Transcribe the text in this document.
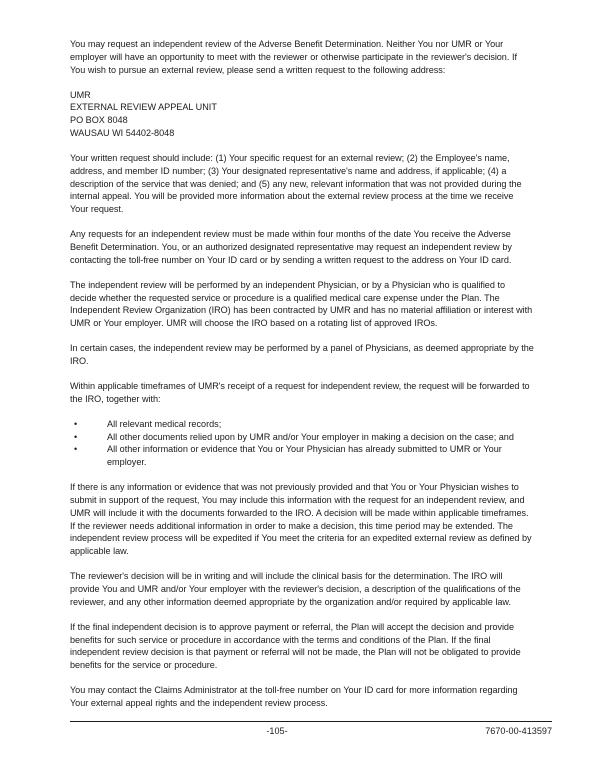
You may request an independent review of the Adverse Benefit Determination. Neither You nor UMR or Your employer will have an opportunity to meet with the reviewer or otherwise participate in the reviewer's decision. If You wish to pursue an external review, please send a written request to the following address:

UMR
EXTERNAL REVIEW APPEAL UNIT
PO BOX 8048
WAUSAU WI 54402-8048

Your written request should include: (1) Your specific request for an external review; (2) the Employee's name, address, and member ID number; (3) Your designated representative's name and address, if applicable; (4) a description of the service that was denied; and (5) any new, relevant information that was not provided during the internal appeal. You will be provided more information about the external review process at the time we receive Your request.

Any requests for an independent review must be made within four months of the date You receive the Adverse Benefit Determination. You, or an authorized designated representative may request an independent review by contacting the toll-free number on Your ID card or by sending a written request to the address on Your ID card.

The independent review will be performed by an independent Physician, or by a Physician who is qualified to decide whether the requested service or procedure is a qualified medical care expense under the Plan. The Independent Review Organization (IRO) has been contracted by UMR and has no material affiliation or interest with UMR or Your employer. UMR will choose the IRO based on a rotating list of approved IROs.

In certain cases, the independent review may be performed by a panel of Physicians, as deemed appropriate by the IRO.

Within applicable timeframes of UMR's receipt of a request for independent review, the request will be forwarded to the IRO, together with:

•	All relevant medical records;
•	All other documents relied upon by UMR and/or Your employer in making a decision on the case; and
•	All other information or evidence that You or Your Physician has already submitted to UMR or Your employer.

If there is any information or evidence that was not previously provided and that You or Your Physician wishes to submit in support of the request, You may include this information with the request for an independent review, and UMR will include it with the documents forwarded to the IRO. A decision will be made within applicable timeframes. If the reviewer needs additional information in order to make a decision, this time period may be extended. The independent review process will be expedited if You meet the criteria for an expedited external review as defined by applicable law.

The reviewer's decision will be in writing and will include the clinical basis for the determination. The IRO will provide You and UMR and/or Your employer with the reviewer's decision, a description of the qualifications of the reviewer, and any other information deemed appropriate by the organization and/or required by applicable law.

If the final independent decision is to approve payment or referral, the Plan will accept the decision and provide benefits for such service or procedure in accordance with the terms and conditions of the Plan. If the final independent review decision is that payment or referral will not be made, the Plan will not be obligated to provide benefits for the service or procedure.

You may contact the Claims Administrator at the toll-free number on Your ID card for more information regarding Your external appeal rights and the independent review process.

-105-	7670-00-413597
